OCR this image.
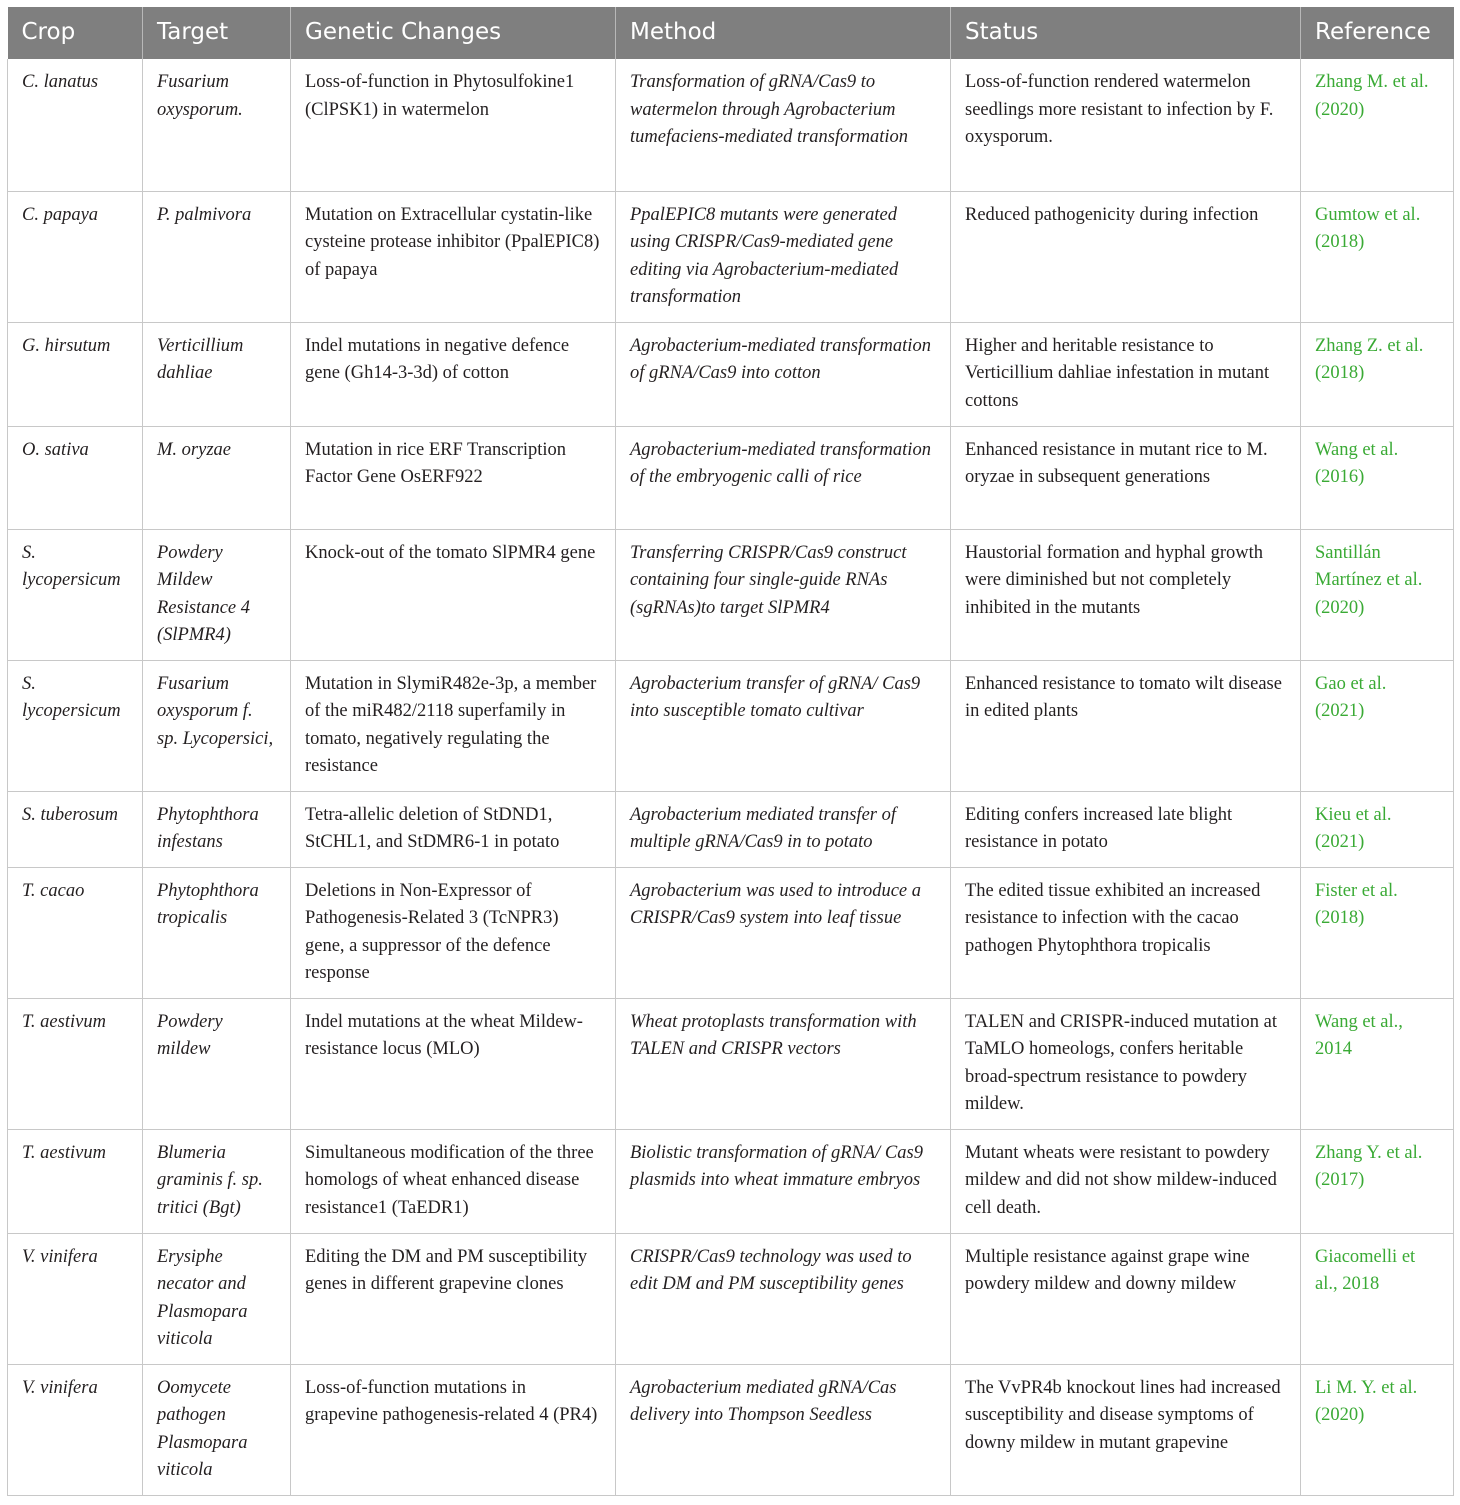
Crop	Target	Genetic Changes	Method	Status	Reference
C. lanatus	Fusarium oxysporum.	Loss-of-function in Phytosulfokine1 (ClPSK1) in watermelon	Transformation of gRNA/Cas9 to watermelon through Agrobacterium tumefaciens-mediated transformation	Loss-of-function rendered watermelon seedlings more resistant to infection by F. oxysporum.	Zhang M. et al. (2020)
C. papaya	P. palmivora	Mutation on Extracellular cystatin-like cysteine protease inhibitor (PpalEPIC8) of papaya	PpalEPIC8 mutants were generated using CRISPR/Cas9-mediated gene editing via Agrobacterium-mediated transformation	Reduced pathogenicity during infection	Gumtow et al. (2018)
G. hirsutum	Verticillium dahliae	Indel mutations in negative defence gene (Gh14-3-3d) of cotton	Agrobacterium-mediated transformation of gRNA/Cas9 into cotton	Higher and heritable resistance to Verticillium dahliae infestation in mutant cottons	Zhang Z. et al. (2018)
O. sativa	M. oryzae	Mutation in rice ERF Transcription Factor Gene OsERF922	Agrobacterium-mediated transformation of the embryogenic calli of rice	Enhanced resistance in mutant rice to M. oryzae in subsequent generations	Wang et al. (2016)
S. lycopersicum	Powdery Mildew Resistance 4 (SlPMR4)	Knock-out of the tomato SlPMR4 gene	Transferring CRISPR/Cas9 construct containing four single-guide RNAs (sgRNAs)to target SlPMR4	Haustorial formation and hyphal growth were diminished but not completely inhibited in the mutants	Santillán Martínez et al. (2020)
S. lycopersicum	Fusarium oxysporum f. sp. Lycopersici,	Mutation in SlymiR482e-3p, a member of the miR482/2118 superfamily in tomato, negatively regulating the resistance	Agrobacterium transfer of gRNA/ Cas9 into susceptible tomato cultivar	Enhanced resistance to tomato wilt disease in edited plants	Gao et al. (2021)
S. tuberosum	Phytophthora infestans	Tetra-allelic deletion of StDND1, StCHL1, and StDMR6-1 in potato	Agrobacterium mediated transfer of multiple gRNA/Cas9 in to potato	Editing confers increased late blight resistance in potato	Kieu et al. (2021)
T. cacao	Phytophthora tropicalis	Deletions in Non-Expressor of Pathogenesis-Related 3 (TcNPR3) gene, a suppressor of the defence response	Agrobacterium was used to introduce a CRISPR/Cas9 system into leaf tissue	The edited tissue exhibited an increased resistance to infection with the cacao pathogen Phytophthora tropicalis	Fister et al. (2018)
T. aestivum	Powdery mildew	Indel mutations at the wheat Mildew-resistance locus (MLO)	Wheat protoplasts transformation with TALEN and CRISPR vectors	TALEN and CRISPR-induced mutation at TaMLO homeologs, confers heritable broad-spectrum resistance to powdery mildew.	Wang et al., 2014
T. aestivum	Blumeria graminis f. sp. tritici (Bgt)	Simultaneous modification of the three homologs of wheat enhanced disease resistance1 (TaEDR1)	Biolistic transformation of gRNA/ Cas9 plasmids into wheat immature embryos	Mutant wheats were resistant to powdery mildew and did not show mildew-induced cell death.	Zhang Y. et al. (2017)
V. vinifera	Erysiphe necator and Plasmopara viticola	Editing the DM and PM susceptibility genes in different grapevine clones	CRISPR/Cas9 technology was used to edit DM and PM susceptibility genes	Multiple resistance against grape wine powdery mildew and downy mildew	Giacomelli et al., 2018
V. vinifera	Oomycete pathogen Plasmopara viticola	Loss-of-function mutations in grapevine pathogenesis-related 4 (PR4)	Agrobacterium mediated gRNA/Cas delivery into Thompson Seedless	The VvPR4b knockout lines had increased susceptibility and disease symptoms of downy mildew in mutant grapevine	Li M. Y. et al. (2020)
